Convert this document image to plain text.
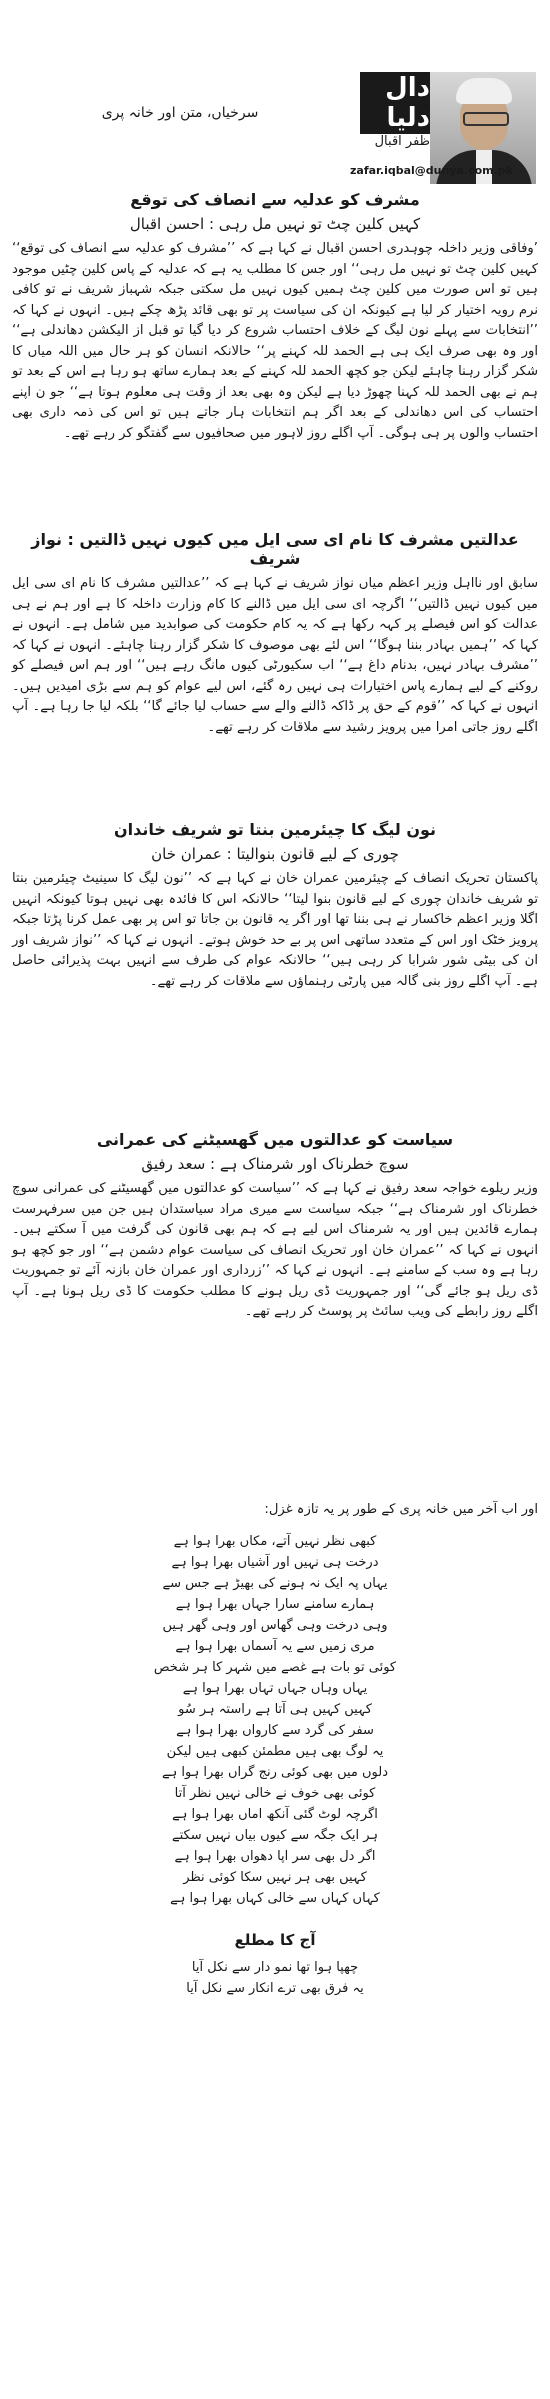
دال دلیا
ظفر اقبال
zafar.iqbal@dunya.com.pk
سرخیاں، متن اور خانہ پری

مشرف کو عدلیہ سے انصاف کی توقع

کہیں کلین چٹ تو نہیں مل رہی : احسن اقبال

’وفاقی وزیر داخلہ چوہدری احسن اقبال نے کہا ہے کہ ’’مشرف کو عدلیہ سے انصاف کی توقع‘‘ کہیں کلین چٹ تو نہیں مل رہی‘‘ اور جس کا مطلب یہ ہے کہ عدلیہ کے پاس کلین چٹیں موجود ہیں تو اس صورت میں کلین چٹ ہمیں کیوں نہیں مل سکتی جبکہ شہباز شریف نے تو کافی نرم رویہ اختیار کر لیا ہے کیونکہ ان کی سیاست پر تو بھی قائد پڑھ چکے ہیں۔ انہوں نے کہا کہ ’’انتخابات سے پہلے نون لیگ کے خلاف احتساب شروع کر دیا گیا تو قبل از الیکشن دھاندلی ہے‘‘ اور وہ بھی صرف ایک ہی ہے الحمد للہ کہنے پر‘‘ حالانکہ انسان کو ہر حال میں اللہ میاں کا شکر گزار رہنا چاہئے لیکن جو کچھ الحمد للہ کہنے کے بعد ہمارے ساتھ ہو رہا ہے اس کے بعد تو ہم نے بھی الحمد للہ کہنا چھوڑ دیا ہے لیکن وہ بھی بعد از وقت ہی معلوم ہوتا ہے‘‘ جو ن اپنے احتساب کی اس دھاندلی کے بعد اگر ہم انتخابات ہار جاتے ہیں تو اس کی ذمہ داری بھی احتساب والوں پر ہی ہوگی۔ آپ اگلے روز لاہور میں صحافیوں سے گفتگو کر رہے تھے۔

عدالتیں مشرف کا نام ای سی ایل میں کیوں نہیں ڈالتیں : نواز شریف

سابق اور نااہل وزیر اعظم میاں نواز شریف نے کہا ہے کہ ’’عدالتیں مشرف کا نام ای سی ایل میں کیوں نہیں ڈالتیں‘‘ اگرچہ ای سی ایل میں ڈالنے کا کام وزارت داخلہ کا ہے اور ہم نے ہی عدالت کو اس فیصلے پر کہہ رکھا ہے کہ یہ کام حکومت کی صوابدید میں شامل ہے۔ انہوں نے کہا کہ ’’ہمیں بہادر بننا ہوگا‘‘ اس لئے بھی موصوف کا شکر گزار رہنا چاہئے۔ انہوں نے کہا کہ ’’مشرف بہادر نہیں، بدنام داغ ہے‘‘ اب سکیورٹی کیوں مانگ رہے ہیں‘‘ اور ہم اس فیصلے کو روکنے کے لیے ہمارے پاس اختیارات ہی نہیں رہ گئے، اس لیے عوام کو ہم سے بڑی امیدیں ہیں۔ انہوں نے کہا کہ ’’قوم کے حق پر ڈاکہ ڈالنے والے سے حساب لیا جائے گا‘‘ بلکہ لیا جا رہا ہے۔ آپ اگلے روز جاتی امرا میں پرویز رشید سے ملاقات کر رہے تھے۔

نون لیگ کا چیئرمین بنتا تو شریف خاندان

چوری کے لیے قانون بنوالیتا : عمران خان

پاکستان تحریک انصاف کے چیئرمین عمران خان نے کہا ہے کہ ’’نون لیگ کا سینیٹ چیئرمین بنتا تو شریف خاندان چوری کے لیے قانون بنوا لیتا‘‘ حالانکہ اس کا فائدہ بھی نہیں ہوتا کیونکہ انہیں اگلا وزیر اعظم خاکسار نے ہی بننا تھا اور اگر یہ قانون بن جاتا تو اس پر بھی عمل کرنا پڑتا جبکہ پرویز خٹک اور اس کے متعدد ساتھی اس پر بے حد خوش ہوتے۔ انہوں نے کہا کہ ’’نواز شریف اور ان کی بیٹی شور شرابا کر رہی ہیں‘‘ حالانکہ عوام کی طرف سے انہیں بہت پذیرائی حاصل ہے۔ آپ اگلے روز بنی گالہ میں پارٹی رہنماؤں سے ملاقات کر رہے تھے۔

سیاست کو عدالتوں میں گھسیٹنے کی عمرانی

سوچ خطرناک اور شرمناک ہے : سعد رفیق

وزیر ریلوے خواجہ سعد رفیق نے کہا ہے کہ ’’سیاست کو عدالتوں میں گھسیٹنے کی عمرانی سوچ خطرناک اور شرمناک ہے‘‘ جبکہ سیاست سے میری مراد سیاستدان ہیں جن میں سرفہرست ہمارے قائدین ہیں اور یہ شرمناک اس لیے ہے کہ ہم بھی قانون کی گرفت میں آ سکتے ہیں۔ انہوں نے کہا کہ ’’عمران خان اور تحریک انصاف کی سیاست عوام دشمن ہے‘‘ اور جو کچھ ہو رہا ہے وہ سب کے سامنے ہے۔ انہوں نے کہا کہ ’’زرداری اور عمران خان بازنہ آئے تو جمہوریت ڈی ریل ہو جائے گی‘‘ اور جمہوریت ڈی ریل ہونے کا مطلب حکومت کا ڈی ریل ہونا ہے۔ آپ اگلے روز رابطے کی ویب سائٹ پر پوسٹ کر رہے تھے۔

اور اب آخر میں خانہ پری کے طور پر یہ تازہ غزل:

کبھی نظر نہیں آتے، مکاں بھرا ہوا ہے
درخت ہی نہیں اور آشیاں بھرا ہوا ہے
یہاں پہ ایک نہ ہونے کی بھیڑ ہے جس سے
ہمارے سامنے سارا جہاں بھرا ہوا ہے
وہی درخت وہی گھاس اور وہی گھر ہیں
مری زمیں سے یہ آسماں بھرا ہوا ہے
کوئی تو بات ہے غصے میں شہر کا ہر شخص
یہاں وہاں جہاں تہاں بھرا ہوا ہے
کہیں کہیں ہی آتا ہے راستہ ہر سُو
سفر کی گرد سے کارواں بھرا ہوا ہے
یہ لوگ بھی ہیں مطمئن کبھی ہیں لیکن
دلوں میں بھی کوئی رنج گراں بھرا ہوا ہے
کوئی بھی خوف نے خالی نہیں نظر آتا
اگرچہ لوٹ گئی آنکھ اماں بھرا ہوا ہے
ہر ایک جگہ سے کیوں بیاں نہیں سکتے
اگر دل بھی سر اپا دھواں بھرا ہوا ہے
کہیں بھی ہر نہیں سکا کوئی نظر
کہاں کہاں سے خالی کہاں بھرا ہوا ہے
آج کا مطلع
چھپا ہوا تھا نمو دار سے نکل آیا
یہ فرق بھی ترے انکار سے نکل آیا
